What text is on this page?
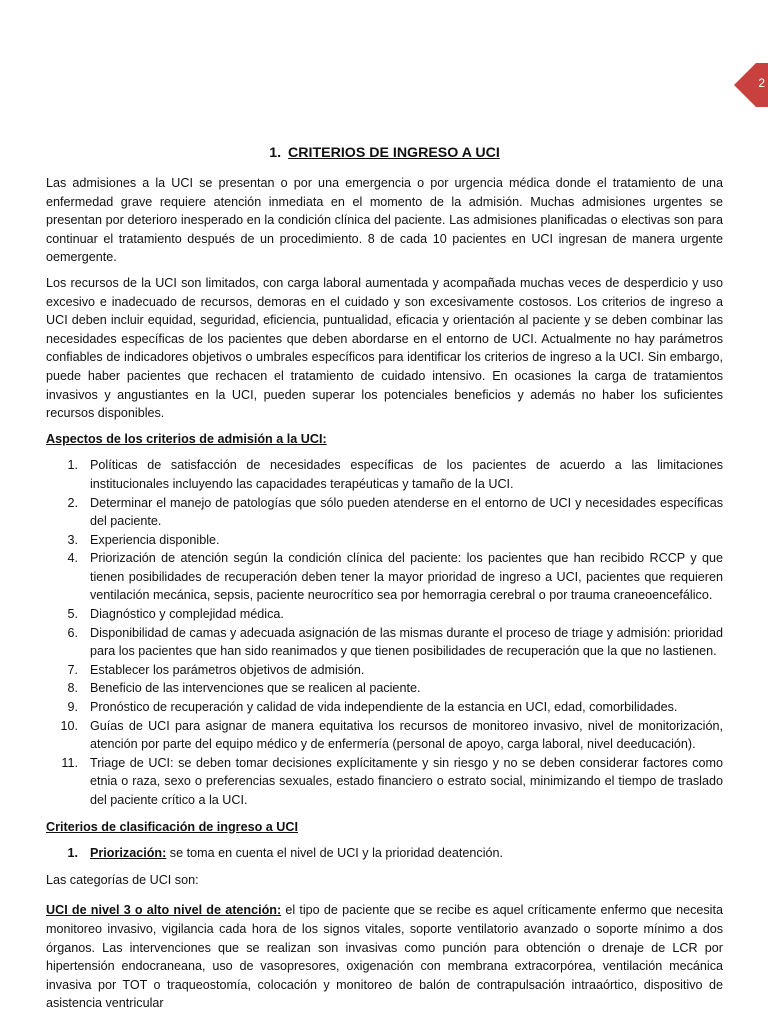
2
1. CRITERIOS DE INGRESO A UCI

Las admisiones a la UCI se presentan o por una emergencia o por urgencia médica donde el tratamiento de una enfermedad grave requiere atención inmediata en el momento de la admisión. Muchas admisiones urgentes se presentan por deterioro inesperado en la condición clínica del paciente. Las admisiones planificadas o electivas son para continuar el tratamiento después de un procedimiento. 8 de cada 10 pacientes en UCI ingresan de manera urgente oemergente.

Los recursos de la UCI son limitados, con carga laboral aumentada y acompañada muchas veces de desperdicio y uso excesivo e inadecuado de recursos, demoras en el cuidado y son excesivamente costosos. Los criterios de ingreso a UCI deben incluir equidad, seguridad, eficiencia, puntualidad, eficacia y orientación al paciente y se deben combinar las necesidades específicas de los pacientes que deben abordarse en el entorno de UCI. Actualmente no hay parámetros confiables de indicadores objetivos o umbrales específicos para identificar los criterios de ingreso a la UCI. Sin embargo, puede haber pacientes que rechacen el tratamiento de cuidado intensivo. En ocasiones la carga de tratamientos invasivos y angustiantes en la UCI, pueden superar los potenciales beneficios y además no haber los suficientes recursos disponibles.

Aspectos de los criterios de admisión a la UCI:

1. Políticas de satisfacción de necesidades específicas de los pacientes de acuerdo a las limitaciones institucionales incluyendo las capacidades terapéuticas y tamaño de la UCI.
2. Determinar el manejo de patologías que sólo pueden atenderse en el entorno de UCI y necesidades específicas del paciente.
3. Experiencia disponible.
4. Priorización de atención según la condición clínica del paciente: los pacientes que han recibido RCCP y que tienen posibilidades de recuperación deben tener la mayor prioridad de ingreso a UCI, pacientes que requieren ventilación mecánica, sepsis, paciente neurocrítico sea por hemorragia cerebral o por trauma craneoencefálico.
5. Diagnóstico y complejidad médica.
6. Disponibilidad de camas y adecuada asignación de las mismas durante el proceso de triage y admisión: prioridad para los pacientes que han sido reanimados y que tienen posibilidades de recuperación que la que no lastienen.
7. Establecer los parámetros objetivos de admisión.
8. Beneficio de las intervenciones que se realicen al paciente.
9. Pronóstico de recuperación y calidad de vida independiente de la estancia en UCI, edad, comorbilidades.
10. Guías de UCI para asignar de manera equitativa los recursos de monitoreo invasivo, nivel de monitorización, atención por parte del equipo médico y de enfermería (personal de apoyo, carga laboral, nivel deeducación).
11. Triage de UCI: se deben tomar decisiones explícitamente y sin riesgo y no se deben considerar factores como etnia o raza, sexo o preferencias sexuales, estado financiero o estrato social, minimizando el tiempo de traslado del paciente crítico a la UCI.

Criterios de clasificación de ingreso a UCI

1. Priorización: se toma en cuenta el nivel de UCI y la prioridad deatención.

Las categorías de UCI son:

UCI de nivel 3 o alto nivel de atención: el tipo de paciente que se recibe es aquel críticamente enfermo que necesita monitoreo invasivo, vigilancia cada hora de los signos vitales, soporte ventilatorio avanzado o soporte mínimo a dos órganos. Las intervenciones que se realizan son invasivas como punción para obtención o drenaje de LCR por hipertensión endocraneana, uso de vasopresores, oxigenación con membrana extracorpórea, ventilación mecánica invasiva por TOT o traqueostomía, colocación y monitoreo de balón de contrapulsación intraaórtico, dispositivo de asistencia ventricular
